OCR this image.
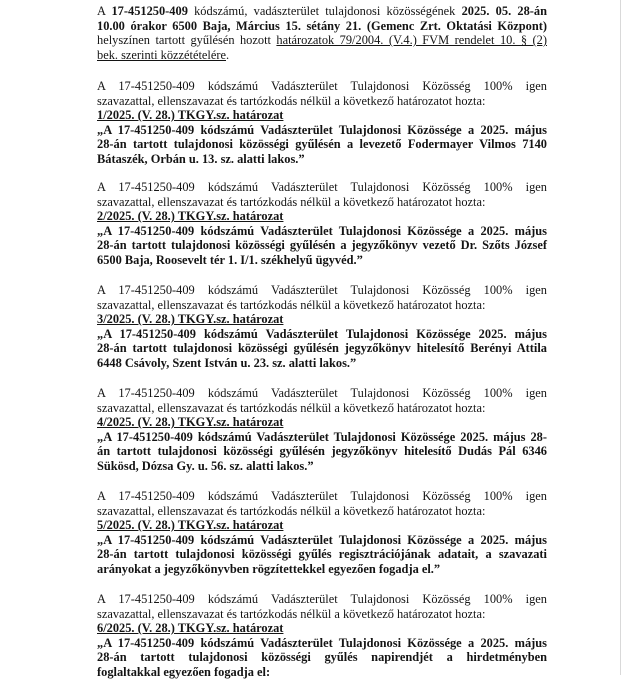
A 17-451250-409 kódszámú, vadászterület tulajdonosi közösségének 2025. 05. 28-án
10.00 órakor 6500 Baja, Március 15. sétány 21. (Gemenc Zrt. Oktatási Központ)
helyszínen tartott gyűlésén hozott határozatok 79/2004. (V.4.) FVM rendelet 10. § (2)
bek. szerinti közzétételére.
A 17-451250-409 kódszámú Vadászterület Tulajdonosi Közösség 100% igen
szavazattal, ellenszavazat és tartózkodás nélkül a következő határozatot hozta:
1/2025. (V. 28.) TKGY.sz. határozat
„A 17-451250-409 kódszámú Vadászterület Tulajdonosi Közössége a 2025. május
28-án tartott tulajdonosi közösségi gyűlésén a levezető Fodermayer Vilmos 7140
Bátaszék, Orbán u. 13. sz. alatti lakos.”
A 17-451250-409 kódszámú Vadászterület Tulajdonosi Közösség 100% igen
szavazattal, ellenszavazat és tartózkodás nélkül a következő határozatot hozta:
2/2025. (V. 28.) TKGY.sz. határozat
„A 17-451250-409 kódszámú Vadászterület Tulajdonosi Közössége a 2025. május
28-án tartott tulajdonosi közösségi gyűlésén a jegyzőkönyv vezető Dr. Szőts József
6500 Baja, Roosevelt tér 1. I/1. székhelyű ügyvéd.”
A 17-451250-409 kódszámú Vadászterület Tulajdonosi Közösség 100% igen
szavazattal, ellenszavazat és tartózkodás nélkül a következő határozatot hozta:
3/2025. (V. 28.) TKGY.sz. határozat
„A 17-451250-409 kódszámú Vadászterület Tulajdonosi Közössége 2025. május
28-án tartott tulajdonosi közösségi gyűlésén jegyzőkönyv hitelesítő Berényi Attila
6448 Csávoly, Szent István u. 23. sz. alatti lakos.”
A 17-451250-409 kódszámú Vadászterület Tulajdonosi Közösség 100% igen
szavazattal, ellenszavazat és tartózkodás nélkül a következő határozatot hozta:
4/2025. (V. 28.) TKGY.sz. határozat
„A 17-451250-409 kódszámú Vadászterület Tulajdonosi Közössége 2025. május 28-
án tartott tulajdonosi közösségi gyűlésén jegyzőkönyv hitelesítő Dudás Pál 6346
Sükösd, Dózsa Gy. u. 56. sz. alatti lakos.”
A 17-451250-409 kódszámú Vadászterület Tulajdonosi Közösség 100% igen
szavazattal, ellenszavazat és tartózkodás nélkül a következő határozatot hozta:
5/2025. (V. 28.) TKGY.sz. határozat
„A 17-451250-409 kódszámú Vadászterület Tulajdonosi Közössége a 2025. május
28-án tartott tulajdonosi közösségi gyűlés regisztrációjának adatait, a szavazati
arányokat a jegyzőkönyvben rögzítettekkel egyezően fogadja el.”
A 17-451250-409 kódszámú Vadászterület Tulajdonosi Közösség 100% igen
szavazattal, ellenszavazat és tartózkodás nélkül a következő határozatot hozta:
6/2025. (V. 28.) TKGY.sz. határozat
„A 17-451250-409 kódszámú Vadászterület Tulajdonosi Közössége a 2025. május
28-án tartott tulajdonosi közösségi gyűlés napirendjét a hirdetményben
foglaltakkal egyezően fogadja el:
